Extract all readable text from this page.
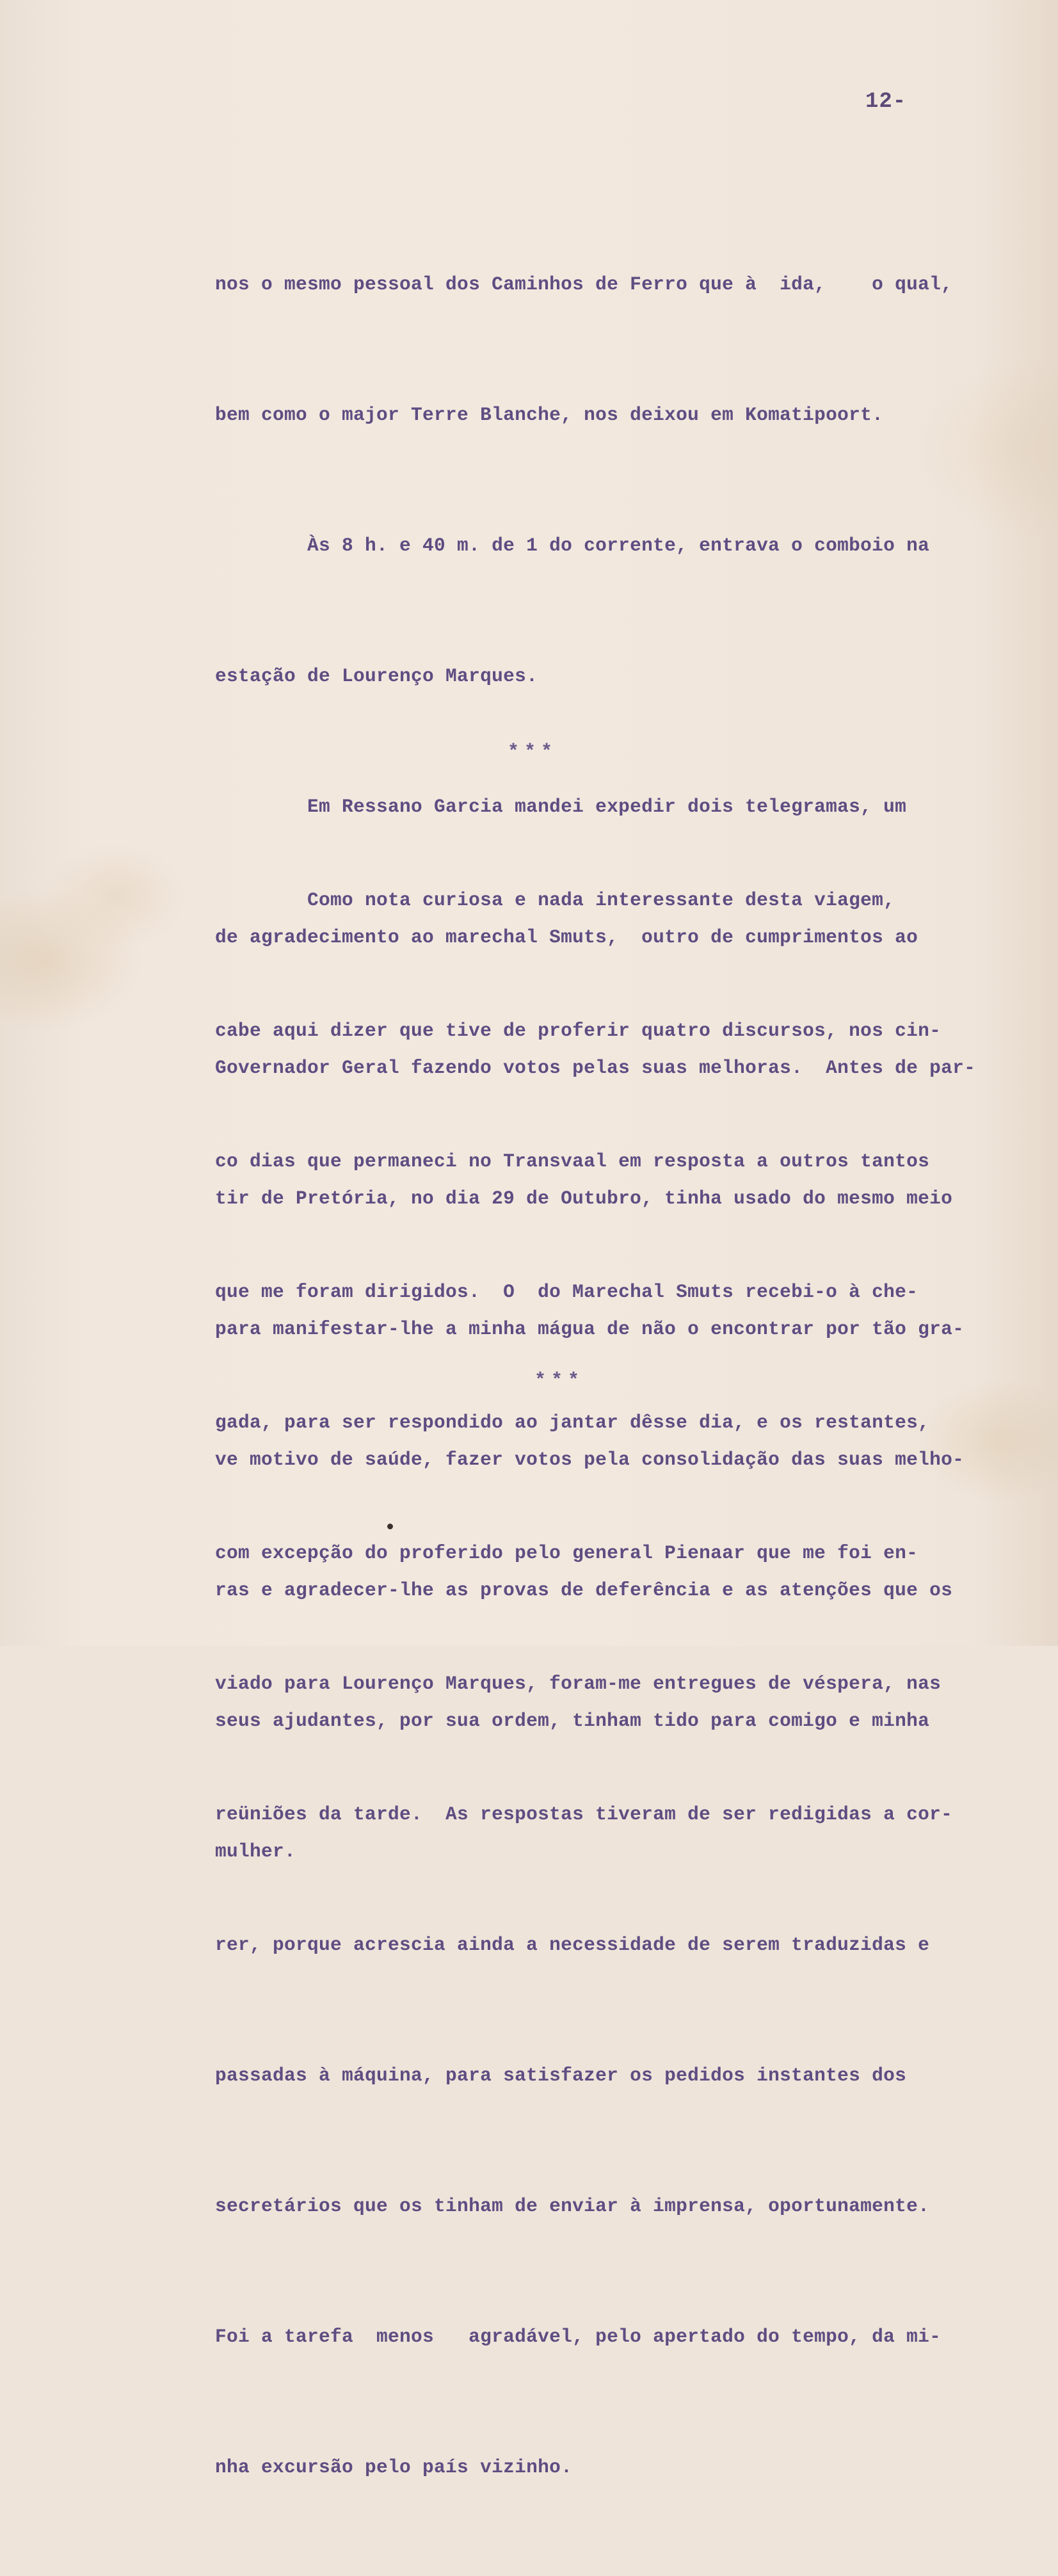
12-

nos o mesmo pessoal dos Caminhos de Ferro que à  ida,    o qual,

bem como o major Terre Blanche, nos deixou em Komatipoort.

Às 8 h. e 40 m. de 1 do corrente, entrava o comboio na

estação de Lourenço Marques.

Em Ressano Garcia mandei expedir dois telegramas, um

de agradecimento ao marechal Smuts,  outro de cumprimentos ao

Governador Geral fazendo votos pelas suas melhoras.  Antes de par-

tir de Pretória, no dia 29 de Outubro, tinha usado do mesmo meio

para manifestar-lhe a minha mágua de não o encontrar por tão gra-

ve motivo de saúde, fazer votos pela consolidação das suas melho-

ras e agradecer-lhe as provas de deferência e as atenções que os

seus ajudantes, por sua ordem, tinham tido para comigo e minha

mulher.

***

Como nota curiosa e nada interessante desta viagem,

cabe aqui dizer que tive de proferir quatro discursos, nos cin-

co dias que permaneci no Transvaal em resposta a outros tantos

que me foram dirigidos.  O  do Marechal Smuts recebi-o à che-

gada, para ser respondido ao jantar dêsse dia, e os restantes,

com excepção do proferido pelo general Pienaar que me foi en-

viado para Lourenço Marques, foram-me entregues de véspera, nas

reüniões da tarde.  As respostas tiveram de ser redigidas a cor-

rer, porque acrescia ainda a necessidade de serem traduzidas e

passadas à máquina, para satisfazer os pedidos instantes dos

secretários que os tinham de enviar à imprensa, oportunamente.

Foi a tarefa  menos   agradável, pelo apertado do tempo, da mi-

nha excursão pelo país vizinho.

***
